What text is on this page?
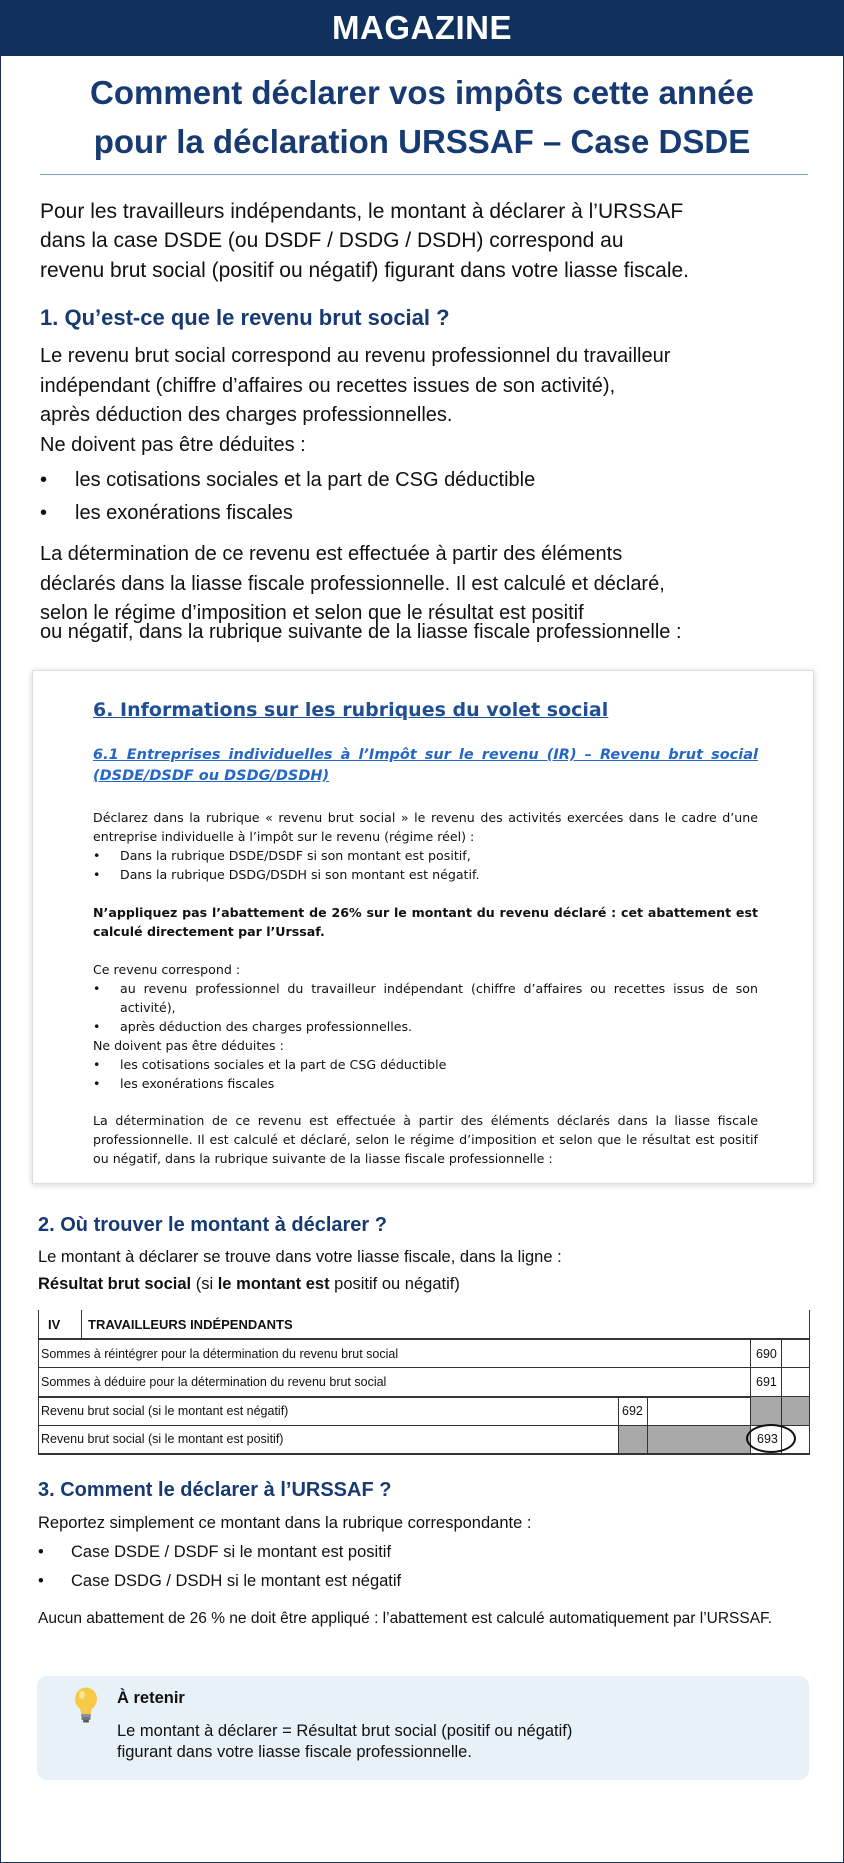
MAGAZINE
Comment déclarer vos impôts cette année
pour la déclaration URSSAF – Case DSDE
Pour les travailleurs indépendants, le montant à déclarer à l’URSSAF
dans la case DSDE (ou DSDF / DSDG / DSDH) correspond au
revenu brut social (positif ou négatif) figurant dans votre liasse fiscale.
1. Qu’est-ce que le revenu brut social ?
Le revenu brut social correspond au revenu professionnel du travailleur
indépendant (chiffre d’affaires ou recettes issues de son activité),
après déduction des charges professionnelles.
Ne doivent pas être déduites :
• les cotisations sociales et la part de CSG déductible
• les exonérations fiscales
La détermination de ce revenu est effectuée à partir des éléments
déclarés dans la liasse fiscale professionnelle. Il est calculé et déclaré,
selon le régime d’imposition et selon que le résultat est positif
ou négatif, dans la rubrique suivante de la liasse fiscale professionnelle :
6. Informations sur les rubriques du volet social
6.1 Entreprises individuelles à l’Impôt sur le revenu (IR) – Revenu brut social (DSDE/DSDF ou DSDG/DSDH)
Déclarez dans la rubrique « revenu brut social » le revenu des activités exercées dans le cadre d’une entreprise individuelle à l’impôt sur le revenu (régime réel) :
• Dans la rubrique DSDE/DSDF si son montant est positif,
• Dans la rubrique DSDG/DSDH si son montant est négatif.
N’appliquez pas l’abattement de 26% sur le montant du revenu déclaré : cet abattement est calculé directement par l’Urssaf.
Ce revenu correspond :
• au revenu professionnel du travailleur indépendant (chiffre d’affaires ou recettes issus de son activité),
• après déduction des charges professionnelles.
Ne doivent pas être déduites :
• les cotisations sociales et la part de CSG déductible
• les exonérations fiscales
La détermination de ce revenu est effectuée à partir des éléments déclarés dans la liasse fiscale professionnelle. Il est calculé et déclaré, selon le régime d’imposition et selon que le résultat est positif ou négatif, dans la rubrique suivante de la liasse fiscale professionnelle :
2. Où trouver le montant à déclarer ?
Le montant à déclarer se trouve dans votre liasse fiscale, dans la ligne :
Résultat brut social (si le montant est positif ou négatif)
IV TRAVAILLEURS INDÉPENDANTS
Sommes à réintégrer pour la détermination du revenu brut social	690
Sommes à déduire pour la détermination du revenu brut social	691
Revenu brut social (si le montant est négatif)	692
Revenu brut social (si le montant est positif)	693
3. Comment le déclarer à l’URSSAF ?
Reportez simplement ce montant dans la rubrique correspondante :
• Case DSDE / DSDF si le montant est positif
• Case DSDG / DSDH si le montant est négatif
Aucun abattement de 26 % ne doit être appliqué : l’abattement est calculé automatiquement par l’URSSAF.
À retenir
Le montant à déclarer = Résultat brut social (positif ou négatif)
figurant dans votre liasse fiscale professionnelle.
